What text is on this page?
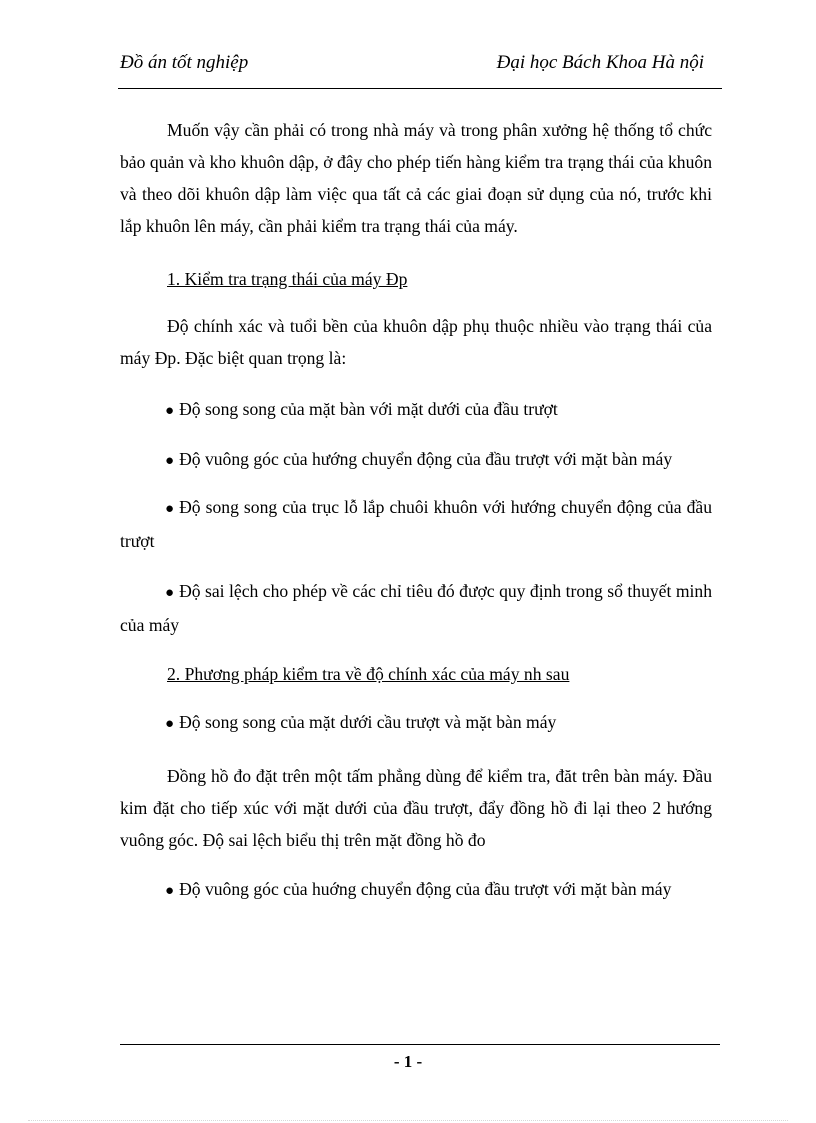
Đồ án tốt nghiệp	Đại học Bách Khoa Hà nội

Muốn vậy cần phải có trong nhà máy và trong phân xưởng hệ thống tổ chức bảo quản và kho khuôn dập, ở đây cho phép tiến hàng kiểm tra trạng thái của khuôn và theo dõi khuôn dập làm việc qua tất cả các giai đoạn sử dụng của nó, trước khi lắp khuôn lên máy, cần phải kiểm tra trạng thái của máy.

1. Kiểm tra trạng thái của máy Đp

Độ chính xác và tuổi bền của khuôn dập phụ thuộc nhiều vào trạng thái của máy Đp. Đặc biệt quan trọng là:

● Độ song song của mặt bàn với mặt dưới của đầu trượt

● Độ vuông góc của hướng chuyển động của đầu trượt với mặt bàn máy

● Độ song song của trục lỗ lắp chuôi khuôn với hướng chuyển động của đầu trượt

● Độ sai lệch cho phép về các chỉ tiêu đó được quy định trong sổ thuyết minh của máy

2. Phương pháp kiểm tra về độ chính xác của máy nh sau

● Độ song song của mặt dưới cầu trượt và mặt bàn máy

Đồng hồ đo đặt trên một tấm phẳng dùng để kiểm tra, đăt trên bàn máy. Đầu kim đặt cho tiếp xúc với mặt dưới của đầu trượt, đẩy đồng hồ đi lại theo 2 hướng vuông góc. Độ sai lệch biểu thị trên mặt đồng hồ đo

● Độ vuông góc của huớng chuyển động của đầu trượt với mặt bàn máy

- 1 -
